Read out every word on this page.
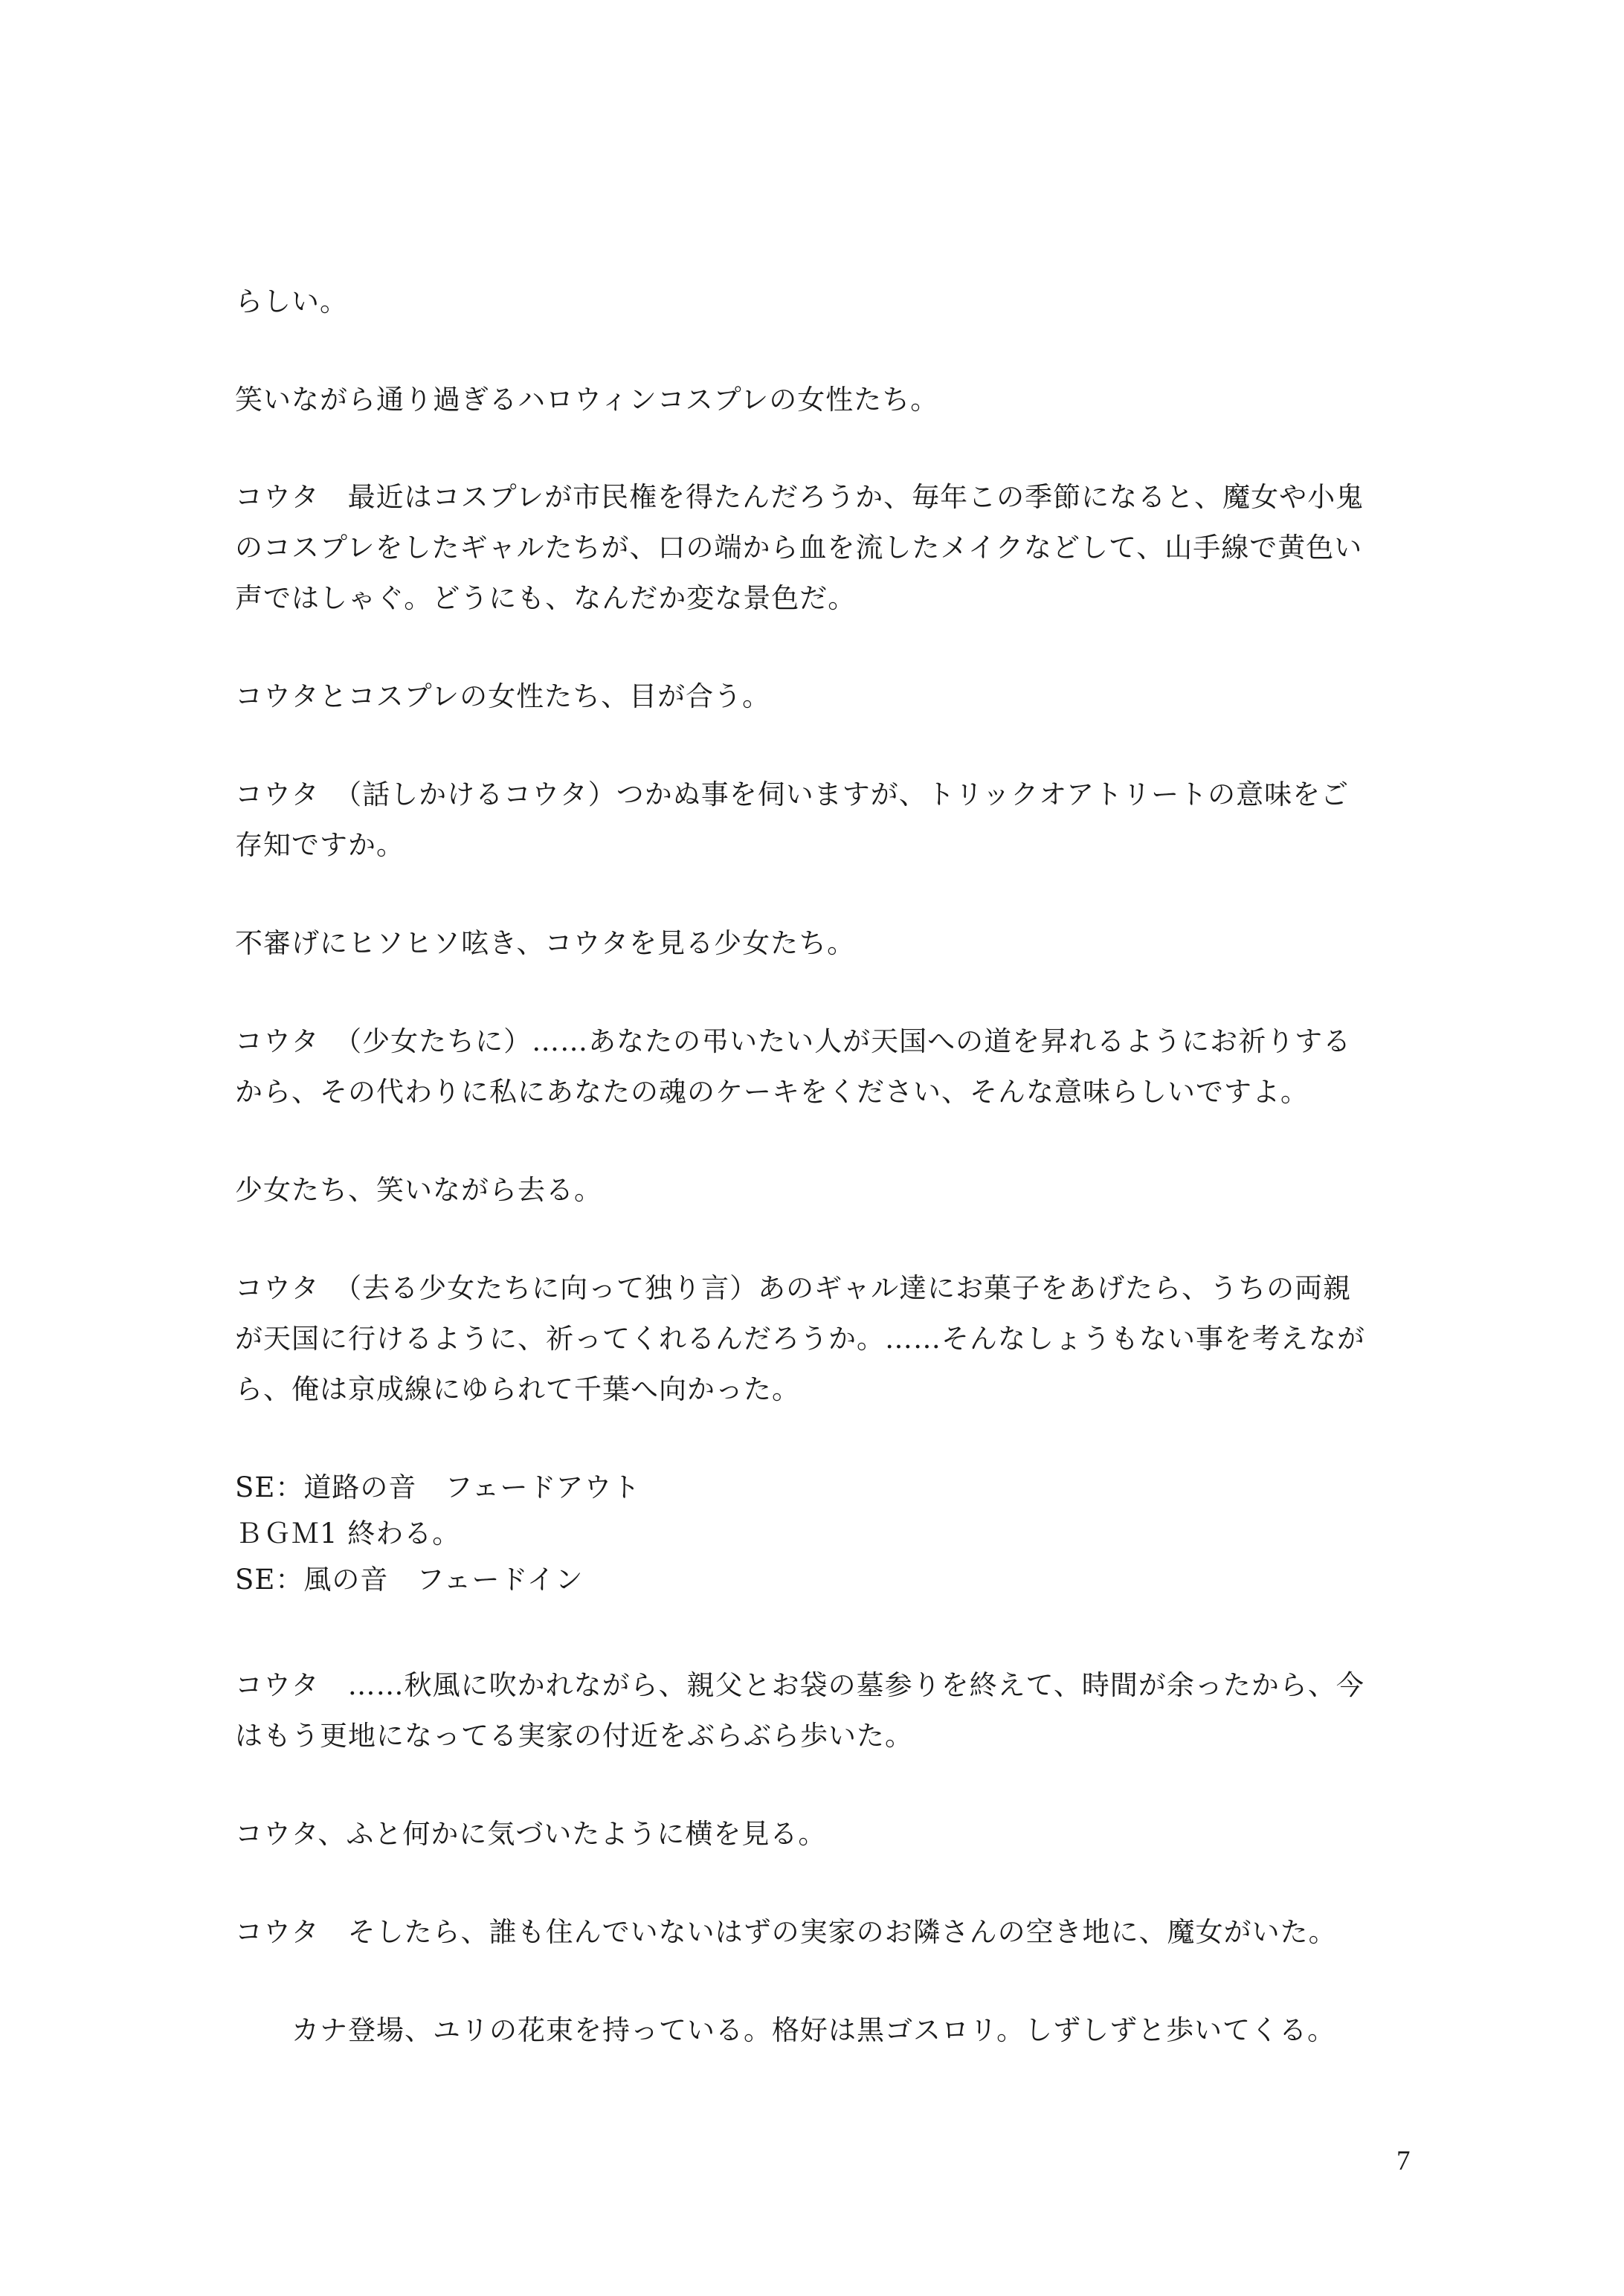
らしい。
笑いながら通り過ぎるハロウィンコスプレの女性たち。
コウタ　最近はコスプレが市民権を得たんだろうか、毎年この季節になると、魔女や小鬼
のコスプレをしたギャルたちが、口の端から血を流したメイクなどして、山手線で黄色い
声ではしゃぐ。どうにも、なんだか変な景色だ。
コウタとコスプレの女性たち、目が合う。
コウタ　（話しかけるコウタ）つかぬ事を伺いますが、トリックオアトリートの意味をご
存知ですか。
不審げにヒソヒソ呟き、コウタを見る少女たち。
コウタ　（少女たちに）……あなたの弔いたい人が天国への道を昇れるようにお祈りする
から、その代わりに私にあなたの魂のケーキをください、そんな意味らしいですよ。
少女たち、笑いながら去る。
コウタ　（去る少女たちに向って独り言）あのギャル達にお菓子をあげたら、うちの両親
が天国に行けるように、祈ってくれるんだろうか。……そんなしょうもない事を考えなが
ら、俺は京成線にゆられて千葉へ向かった。
SE：道路の音　フェードアウト
ＢＧＭ1 終わる。
SE：風の音　フェードイン
コウタ　……秋風に吹かれながら、親父とお袋の墓参りを終えて、時間が余ったから、今
はもう更地になってる実家の付近をぶらぶら歩いた。
コウタ、ふと何かに気づいたように横を見る。
コウタ　そしたら、誰も住んでいないはずの実家のお隣さんの空き地に、魔女がいた。
カナ登場、ユリの花束を持っている。格好は黒ゴスロリ。しずしずと歩いてくる。
7
